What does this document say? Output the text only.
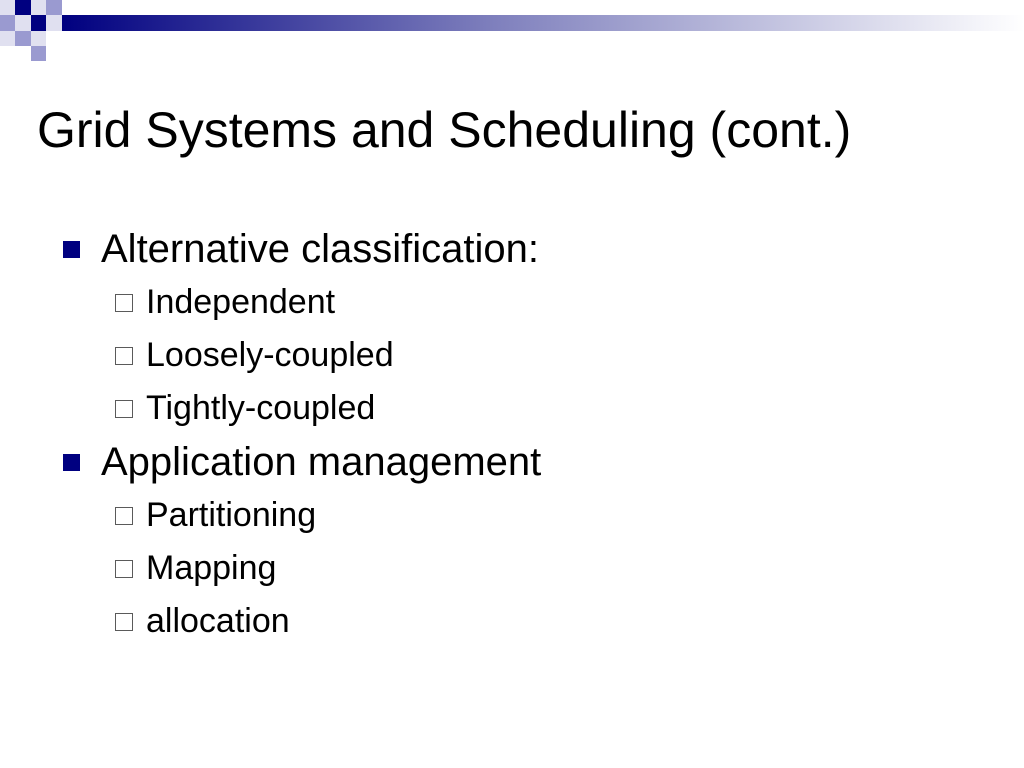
Grid Systems and Scheduling (cont.)
Alternative classification:
Independent
Loosely-coupled
Tightly-coupled
Application management
Partitioning
Mapping
allocation
